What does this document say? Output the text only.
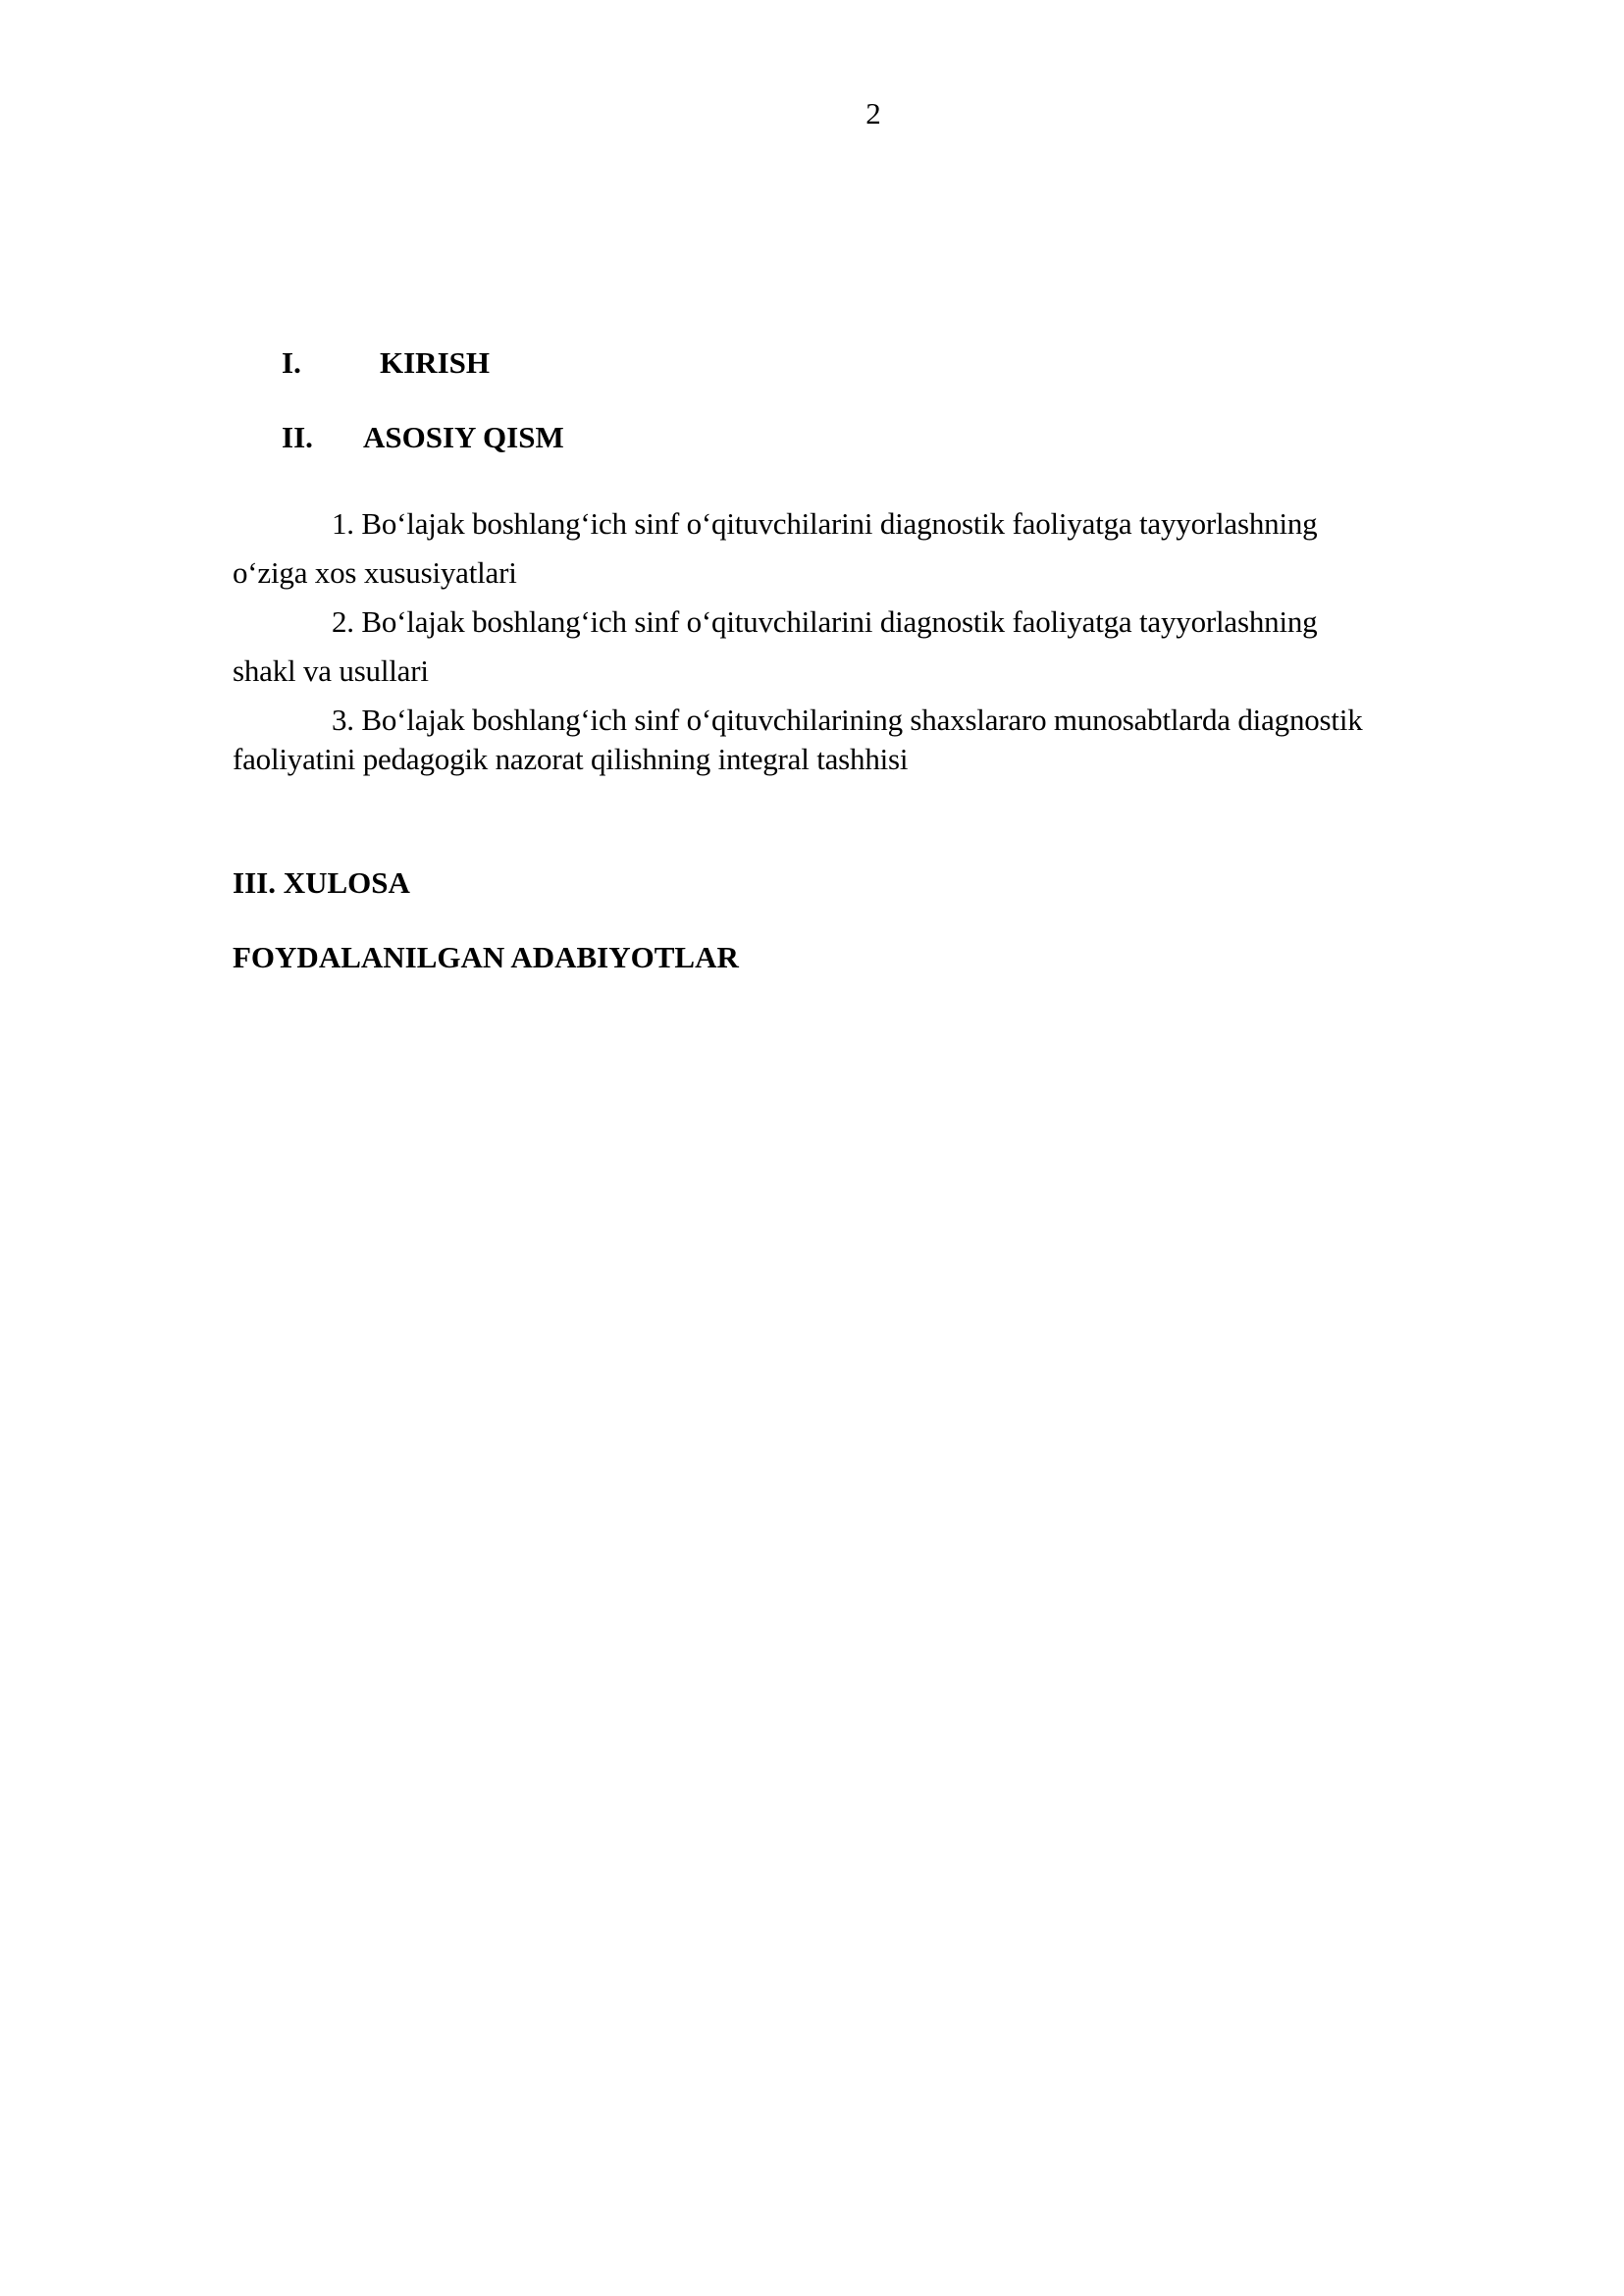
2
I.	KIRISH
II. ASOSIY QISM
1. Bo‘lajak boshlang‘ich sinf o‘qituvchilarini diagnostik faoliyatga tayyorlashning
o‘ziga xos xususiyatlari
2. Bo‘lajak boshlang‘ich sinf o‘qituvchilarini diagnostik faoliyatga tayyorlashning
shakl va usullari
3. Bo‘lajak boshlang‘ich sinf o‘qituvchilarining shaxslararo munosabtlarda diagnostik
faoliyatini pedagogik nazorat qilishning integral tashhisi
III. XULOSA
FOYDALANILGAN ADABIYOTLAR
